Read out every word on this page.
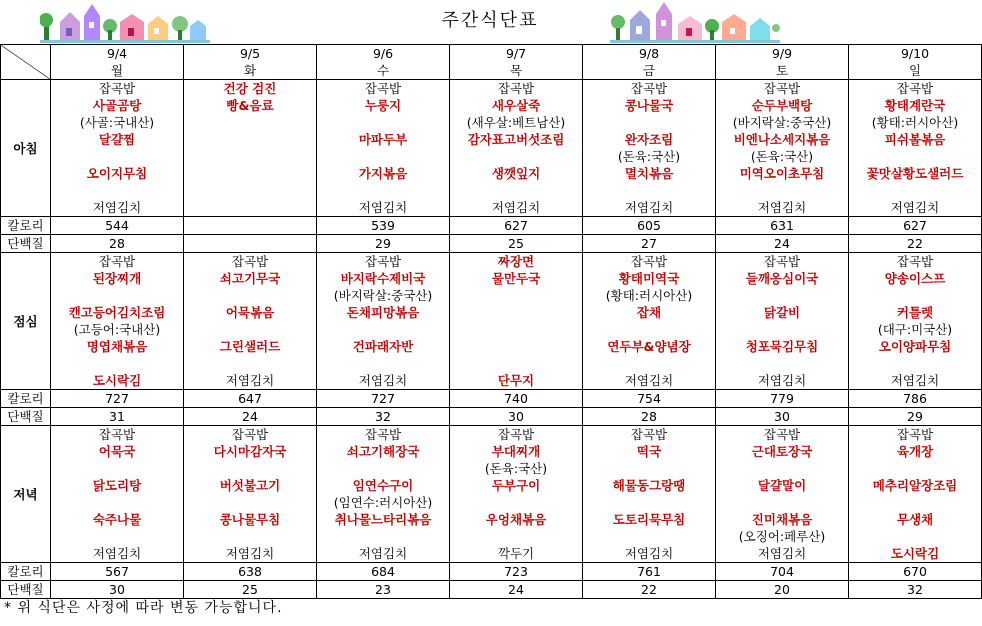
주간식단표
	9/4	9/5	9/6	9/7	9/8	9/9	9/10
	월	화	수	목	금	토	일
아침	잡곡밥	건강 검진	잡곡밥	잡곡밥	잡곡밥	잡곡밥	잡곡밥
	사골곰탕	빵&음료	누룽지	새우살죽	콩나물국	순두부백탕	황태계란국
	(사골:국내산)			(새우살:베트남산)		(바지락살:중국산)	(황태:러시아산)
	달걀찜		마파두부	감자표고버섯조림	완자조림	비엔나소세지볶음	피쉬볼볶음
					(돈육:국산)	(돈육:국산)	
	오이지무침		가지볶음	생깻잎지	멸치볶음	미역오이초무침	꽃맛살황도샐러드

	저염김치		저염김치	저염김치	저염김치	저염김치	저염김치
칼로리	544		539	627	605	631	627
단백질	28		29	25	27	24	22
점심	잡곡밥	잡곡밥	잡곡밥	짜장면	잡곡밥	잡곡밥	잡곡밥
	된장찌개	쇠고기무국	바지락수제비국	물만두국	황태미역국	들깨옹심이국	양송이스프
			(바지락살:중국산)		(황태:러시아산)		
	캔고등어김치조림	어묵볶음	돈채피망볶음		잡채	닭갈비	커틀렛
	(고등어:국내산)						(대구:미국산)
	명엽채볶음	그린샐러드	건파래자반		연두부&양념장	청포묵김무침	오이양파무침

	도시락김	저염김치	저염김치	단무지	저염김치	저염김치	저염김치
칼로리	727	647	727	740	754	779	786
단백질	31	24	32	30	28	30	29
저녁	잡곡밥	잡곡밥	잡곡밥	잡곡밥	잡곡밥	잡곡밥	잡곡밥
	어묵국	다시마감자국	쇠고기해장국	부대찌개	떡국	근대토장국	육개장
				(돈육:국산)			
	닭도리탕	버섯불고기	임연수구이	두부구이	해물동그랑땡	달걀말이	메추리알장조림
			(임연수:러시아산)				
	숙주나물	콩나물무침	취나물느타리볶음	우엉채볶음	도토리묵무침	진미채볶음	무생채
						(오징어:페루산)	
	저염김치	저염김치	저염김치	깍두기	저염김치	저염김치	도시락김
칼로리	567	638	684	723	761	704	670
단백질	30	25	23	24	22	20	32
* 위 식단은 사정에 따라 변동 가능합니다.
